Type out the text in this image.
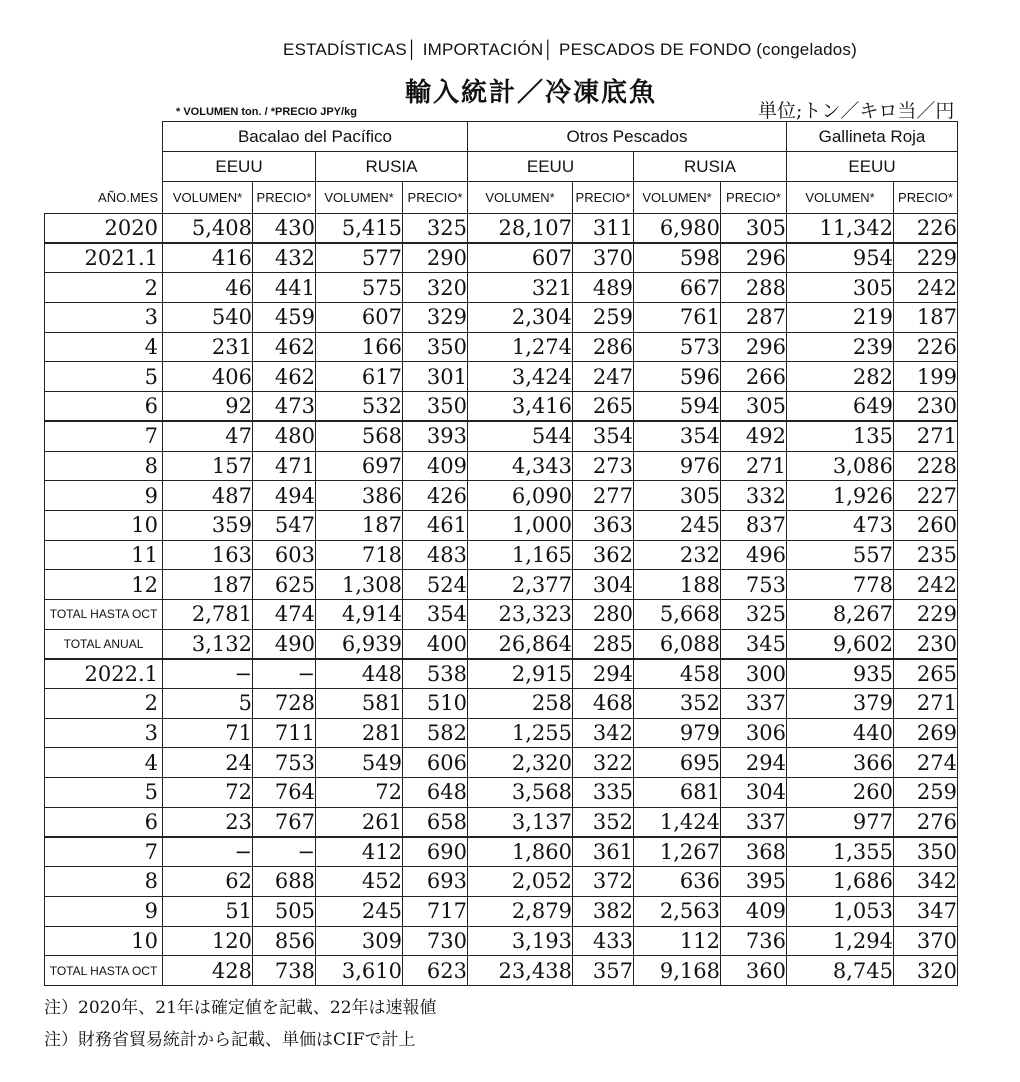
ESTADÍSTICAS│ IMPORTACIÓN│ PESCADOS DE FONDO (congelados)
輸入統計／冷凍底魚
* VOLUMEN ton. / *PRECIO JPY/kg	単位;トン／キロ当／円
	Bacalao del Pacífico				Otros Pescados				Gallineta Roja	
	EEUU		RUSIA		EEUU		RUSIA		EEUU	
AÑO.MES	VOLUMEN*	PRECIO*	VOLUMEN*	PRECIO*	VOLUMEN*	PRECIO*	VOLUMEN*	PRECIO*	VOLUMEN*	PRECIO*
2020	5,408	430	5,415	325	28,107	311	6,980	305	11,342	226
2021.1	416	432	577	290	607	370	598	296	954	229
2	46	441	575	320	321	489	667	288	305	242
3	540	459	607	329	2,304	259	761	287	219	187
4	231	462	166	350	1,274	286	573	296	239	226
5	406	462	617	301	3,424	247	596	266	282	199
6	92	473	532	350	3,416	265	594	305	649	230
7	47	480	568	393	544	354	354	492	135	271
8	157	471	697	409	4,343	273	976	271	3,086	228
9	487	494	386	426	6,090	277	305	332	1,926	227
10	359	547	187	461	1,000	363	245	837	473	260
11	163	603	718	483	1,165	362	232	496	557	235
12	187	625	1,308	524	2,377	304	188	753	778	242
TOTAL HASTA OCT	2,781	474	4,914	354	23,323	280	5,668	325	8,267	229
TOTAL ANUAL	3,132	490	6,939	400	26,864	285	6,088	345	9,602	230
2022.1	−	−	448	538	2,915	294	458	300	935	265
2	5	728	581	510	258	468	352	337	379	271
3	71	711	281	582	1,255	342	979	306	440	269
4	24	753	549	606	2,320	322	695	294	366	274
5	72	764	72	648	3,568	335	681	304	260	259
6	23	767	261	658	3,137	352	1,424	337	977	276
7	−	−	412	690	1,860	361	1,267	368	1,355	350
8	62	688	452	693	2,052	372	636	395	1,686	342
9	51	505	245	717	2,879	382	2,563	409	1,053	347
10	120	856	309	730	3,193	433	112	736	1,294	370
TOTAL HASTA OCT	428	738	3,610	623	23,438	357	9,168	360	8,745	320
注）2020年、21年は確定値を記載、22年は速報値
注）財務省貿易統計から記載、単価はCIFで計上
